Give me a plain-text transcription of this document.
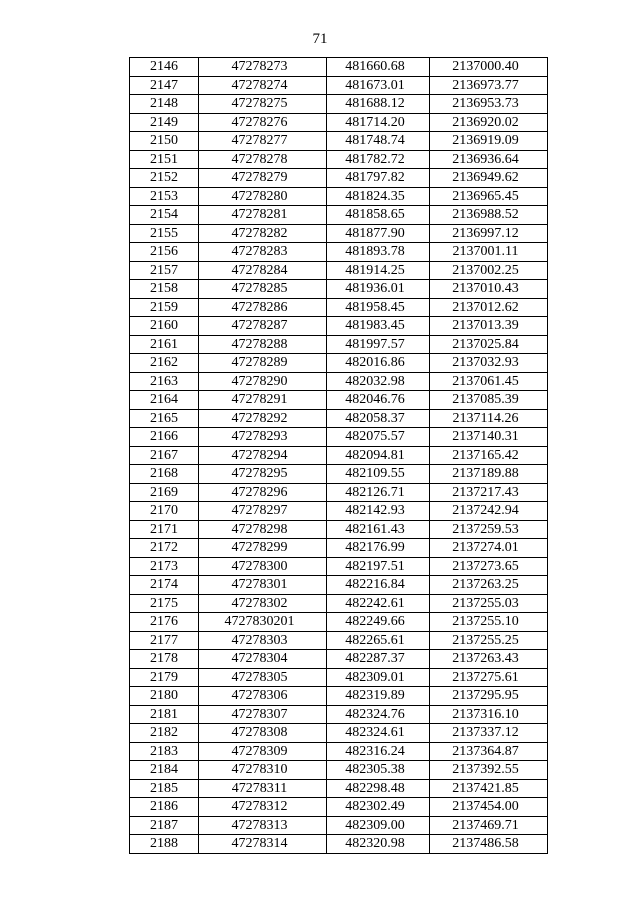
71
2146	47278273	481660.68	2137000.40
2147	47278274	481673.01	2136973.77
2148	47278275	481688.12	2136953.73
2149	47278276	481714.20	2136920.02
2150	47278277	481748.74	2136919.09
2151	47278278	481782.72	2136936.64
2152	47278279	481797.82	2136949.62
2153	47278280	481824.35	2136965.45
2154	47278281	481858.65	2136988.52
2155	47278282	481877.90	2136997.12
2156	47278283	481893.78	2137001.11
2157	47278284	481914.25	2137002.25
2158	47278285	481936.01	2137010.43
2159	47278286	481958.45	2137012.62
2160	47278287	481983.45	2137013.39
2161	47278288	481997.57	2137025.84
2162	47278289	482016.86	2137032.93
2163	47278290	482032.98	2137061.45
2164	47278291	482046.76	2137085.39
2165	47278292	482058.37	2137114.26
2166	47278293	482075.57	2137140.31
2167	47278294	482094.81	2137165.42
2168	47278295	482109.55	2137189.88
2169	47278296	482126.71	2137217.43
2170	47278297	482142.93	2137242.94
2171	47278298	482161.43	2137259.53
2172	47278299	482176.99	2137274.01
2173	47278300	482197.51	2137273.65
2174	47278301	482216.84	2137263.25
2175	47278302	482242.61	2137255.03
2176	4727830201	482249.66	2137255.10
2177	47278303	482265.61	2137255.25
2178	47278304	482287.37	2137263.43
2179	47278305	482309.01	2137275.61
2180	47278306	482319.89	2137295.95
2181	47278307	482324.76	2137316.10
2182	47278308	482324.61	2137337.12
2183	47278309	482316.24	2137364.87
2184	47278310	482305.38	2137392.55
2185	47278311	482298.48	2137421.85
2186	47278312	482302.49	2137454.00
2187	47278313	482309.00	2137469.71
2188	47278314	482320.98	2137486.58
